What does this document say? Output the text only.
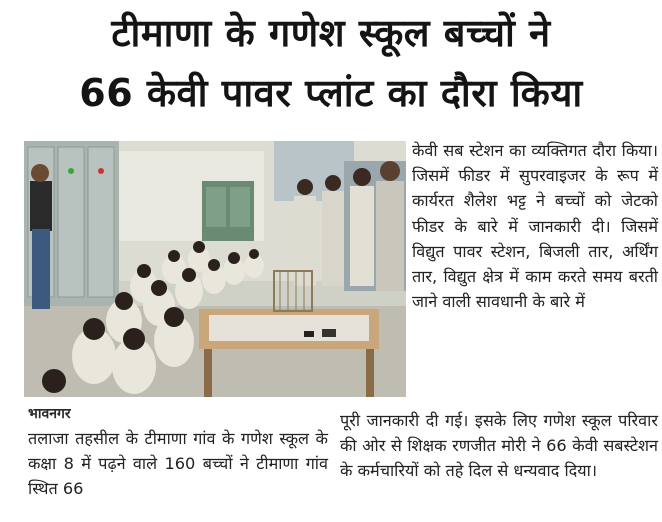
टीमाणा के गणेश स्कूल बच्चों ने
66 केवी पावर प्लांट का दौरा किया

केवी सब स्टेशन का व्यक्तिगत दौरा किया। जिसमें फीडर में सुपरवाइजर के रूप में कार्यरत शैलेश भट्ट ने बच्चों को जेटको फीडर के बारे में जानकारी दी। जिसमें विद्युत पावर स्टेशन, बिजली तार, अर्थिंग तार, विद्युत क्षेत्र में काम करते समय बरती जाने वाली सावधानी के बारे में

भावनगर

तलाजा तहसील के टीमाणा गांव के गणेश स्कूल के कक्षा 8 में पढ़ने वाले 160 बच्चों ने टीमाणा गांव स्थित 66

पूरी जानकारी दी गई। इसके लिए गणेश स्कूल परिवार की ओर से शिक्षक रणजीत मोरी ने 66 केवी सबस्टेशन के कर्मचारियों को तहे दिल से धन्यवाद दिया।
